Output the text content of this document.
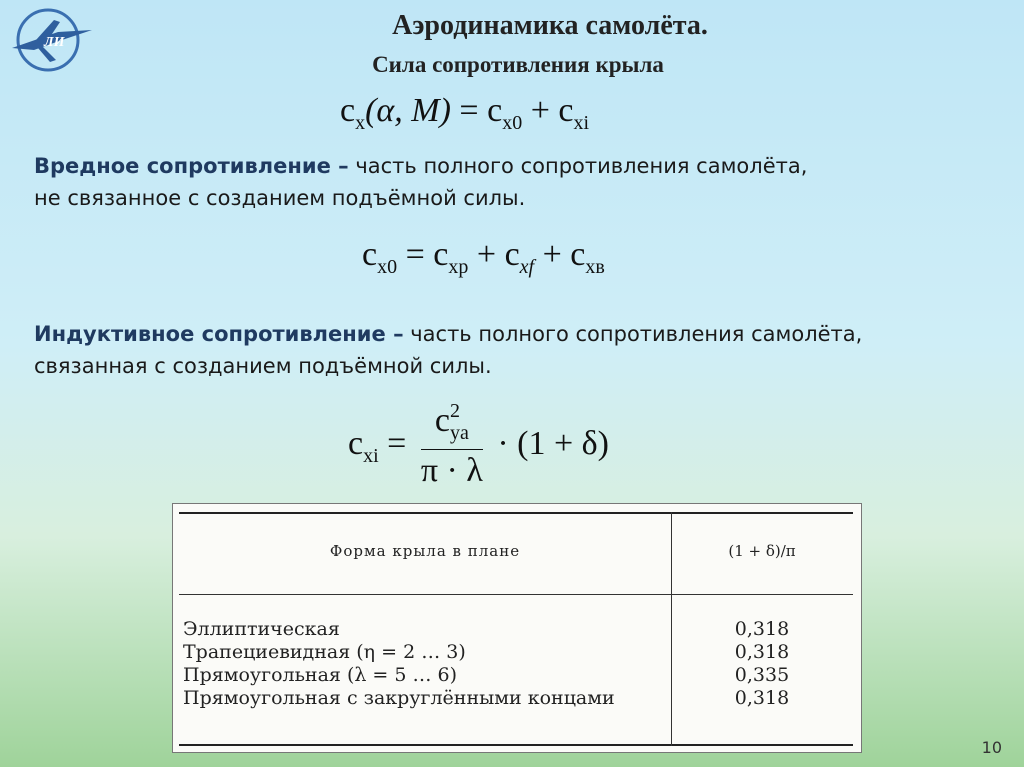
ЛИ
Аэродинамика самолёта.
Сила сопротивления крыла
$c_x(\alpha$, $M) = c_{x0} + c_{xi}$
Вредное сопротивление – часть полного сопротивления самолёта,
не связанное с созданием подъёмной силы.
$c_{x0} = c_{xp} + c_{xf} + c_{xв}$
Индуктивное сопротивление – часть полного сопротивления самолёта,
связанная с созданием подъёмной силы.
$c_{xi} = \frac{c^2_{ya}}{\pi \cdot \lambda} \cdot (1 + \delta)$
Форма крыла в плане	(1 + δ)/π
Эллиптическая
Трапециевидная (η = 2 … 3)
Прямоугольная (λ = 5 … 6)
Прямоугольная с закруглёнными концами
0,318
0,318
0,335
0,318
10
